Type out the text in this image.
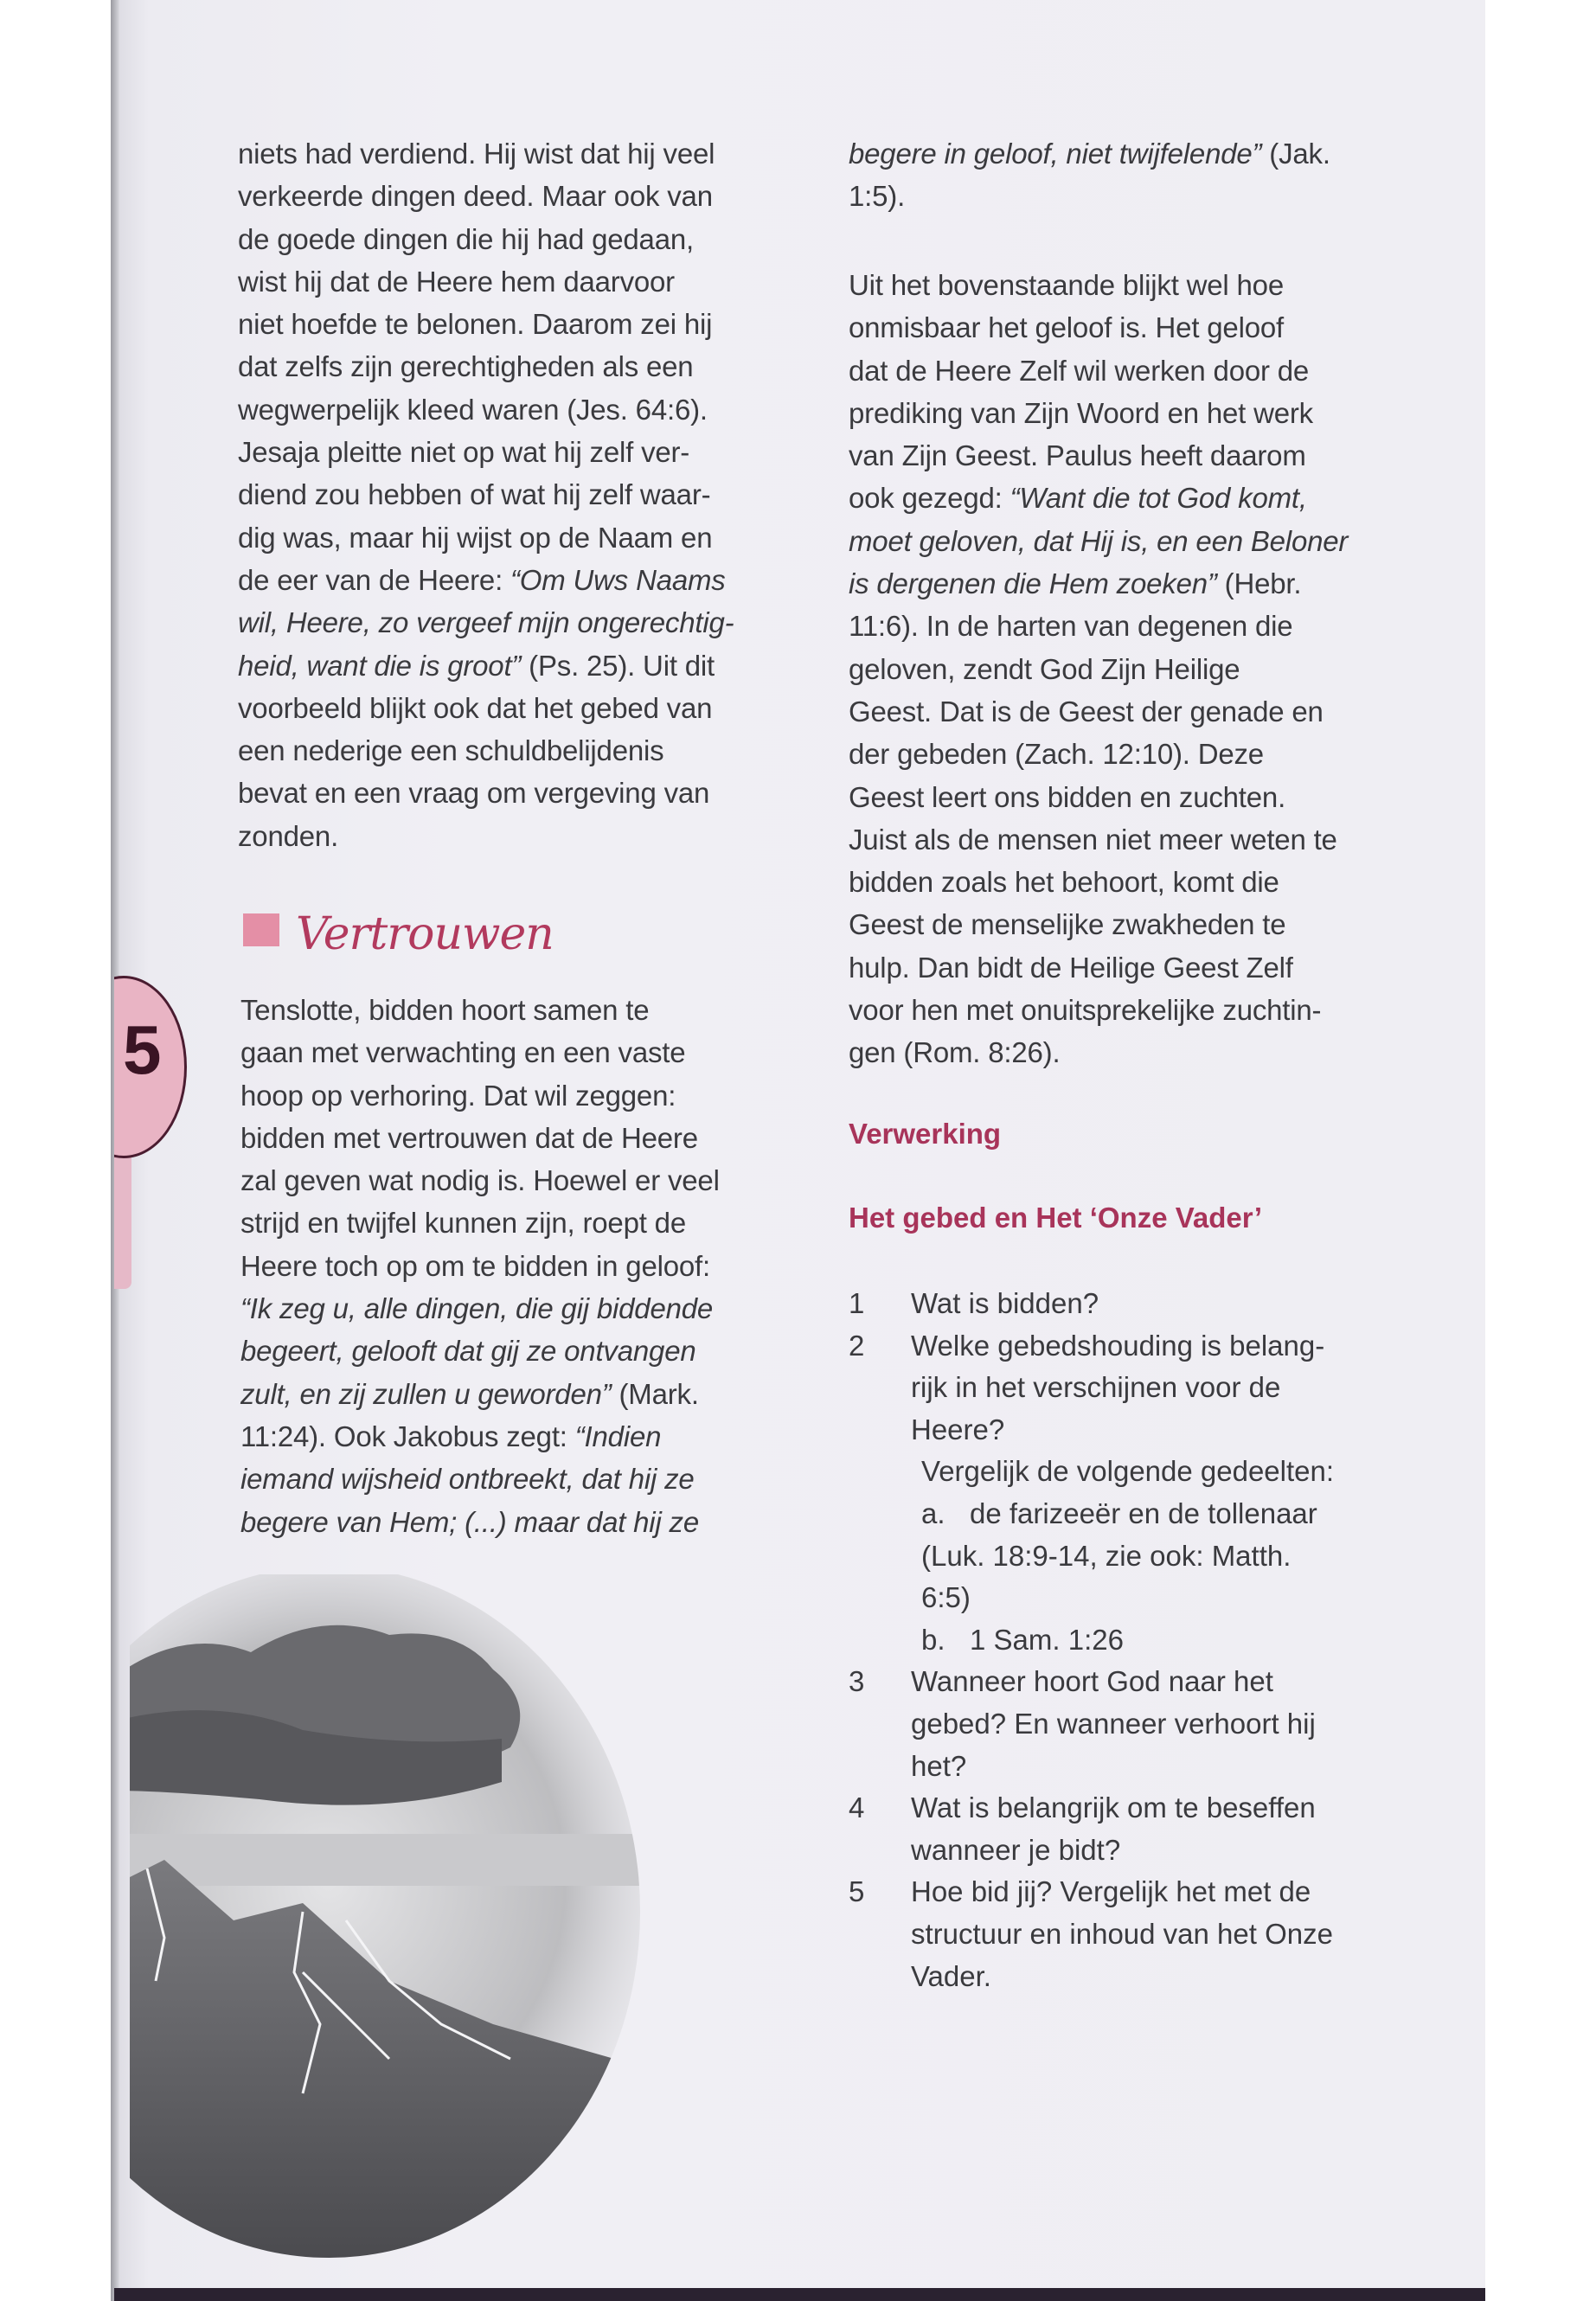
5
niets had verdiend. Hij wist dat hij veel
verkeerde dingen deed. Maar ook van
de goede dingen die hij had gedaan,
wist hij dat de Heere hem daarvoor
niet hoefde te belonen. Daarom zei hij
dat zelfs zijn gerechtigheden als een
wegwerpelijk kleed waren (Jes. 64:6).
Jesaja pleitte niet op wat hij zelf ver-
diend zou hebben of wat hij zelf waar-
dig was, maar hij wijst op de Naam en
de eer van de Heere: “Om Uws Naams
wil, Heere, zo vergeef mijn ongerechtig-
heid, want die is groot” (Ps. 25). Uit dit
voorbeeld blijkt ook dat het gebed van
een nederige een schuldbelijdenis
bevat en een vraag om vergeving van
zonden.
Vertrouwen
Tenslotte, bidden hoort samen te
gaan met verwachting en een vaste
hoop op verhoring. Dat wil zeggen:
bidden met vertrouwen dat de Heere
zal geven wat nodig is. Hoewel er veel
strijd en twijfel kunnen zijn, roept de
Heere toch op om te bidden in geloof:
“Ik zeg u, alle dingen, die gij biddende
begeert, gelooft dat gij ze ontvangen
zult, en zij zullen u geworden” (Mark.
11:24). Ook Jakobus zegt: “Indien
iemand wijsheid ontbreekt, dat hij ze
begere van Hem; (...) maar dat hij ze
begere in geloof, niet twijfelende” (Jak.
1:5).
Uit het bovenstaande blijkt wel hoe
onmisbaar het geloof is. Het geloof
dat de Heere Zelf wil werken door de
prediking van Zijn Woord en het werk
van Zijn Geest. Paulus heeft daarom
ook gezegd: “Want die tot God komt,
moet geloven, dat Hij is, en een Beloner
is dergenen die Hem zoeken” (Hebr.
11:6). In de harten van degenen die
geloven, zendt God Zijn Heilige
Geest. Dat is de Geest der genade en
der gebeden (Zach. 12:10). Deze
Geest leert ons bidden en zuchten.
Juist als de mensen niet meer weten te
bidden zoals het behoort, komt die
Geest de menselijke zwakheden te
hulp. Dan bidt de Heilige Geest Zelf
voor hen met onuitsprekelijke zuchtin-
gen (Rom. 8:26).
Verwerking
Het gebed en Het ‘Onze Vader’
1	Wat is bidden?
2	Welke gebedshouding is belang-
rijk in het verschijnen voor de
Heere?
Vergelijk de volgende gedeelten:
a. de farizeeër en de tollenaar
(Luk. 18:9-14, zie ook: Matth.
6:5)
b. 1 Sam. 1:26
3	Wanneer hoort God naar het
gebed? En wanneer verhoort hij
het?
4	Wat is belangrijk om te beseffen
wanneer je bidt?
5	Hoe bid jij? Vergelijk het met de
structuur en inhoud van het Onze
Vader.
